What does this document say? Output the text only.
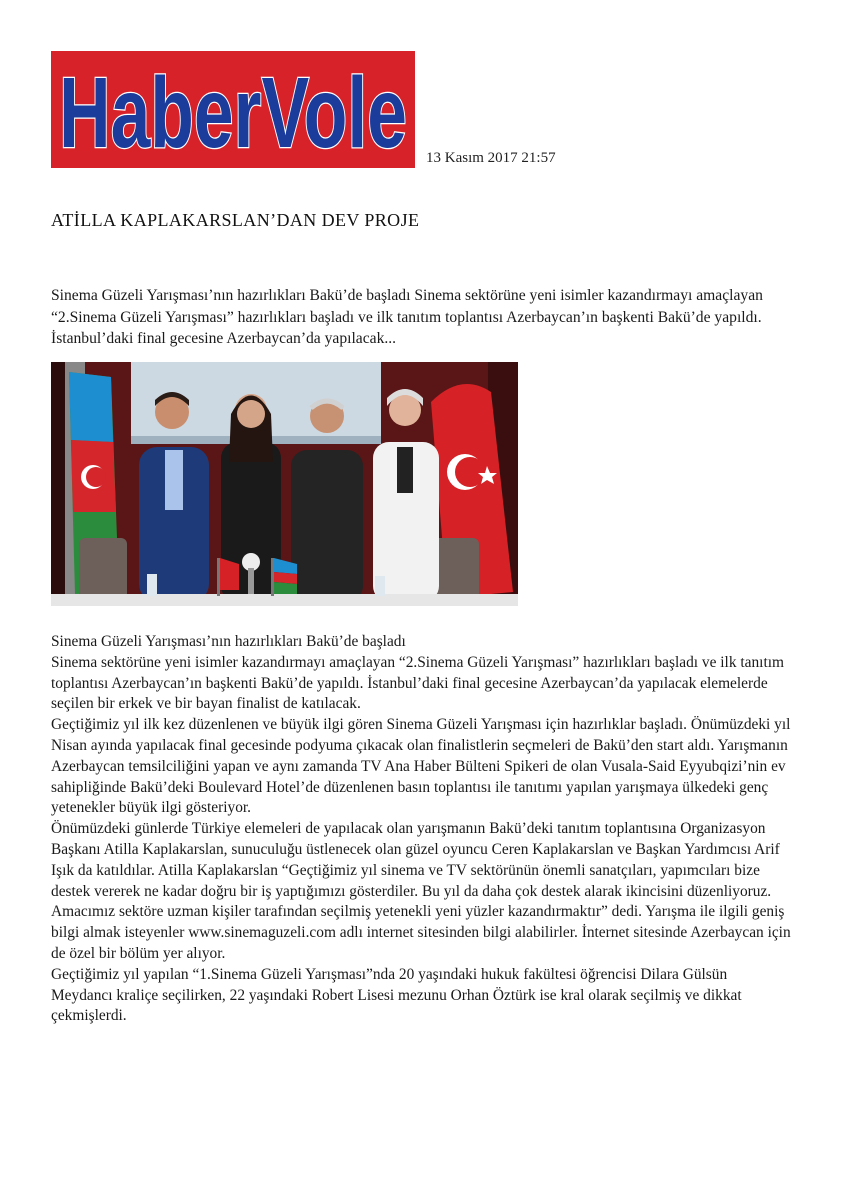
HaberVole 13 Kasım 2017 21:57
ATİLLA KAPLAKARSLAN’DAN DEV PROJE

Sinema Güzeli Yarışması’nın hazırlıkları Bakü’de başladı Sinema sektörüne yeni isimler kazandırmayı amaçlayan “2.Sinema Güzeli Yarışması” hazırlıkları başladı ve ilk tanıtım toplantısı Azerbaycan’ın başkenti Bakü’de yapıldı. İstanbul’daki final gecesine Azerbaycan’da yapılacak...

Sinema Güzeli Yarışması’nın hazırlıkları Bakü’de başladı

Sinema sektörüne yeni isimler kazandırmayı amaçlayan “2.Sinema Güzeli Yarışması” hazırlıkları başladı ve ilk tanıtım toplantısı Azerbaycan’ın başkenti Bakü’de yapıldı. İstanbul’daki final gecesine Azerbaycan’da yapılacak elemelerde seçilen bir erkek ve bir bayan finalist de katılacak.

Geçtiğimiz yıl ilk kez düzenlenen ve büyük ilgi gören Sinema Güzeli Yarışması için hazırlıklar başladı. Önümüzdeki yıl Nisan ayında yapılacak final gecesinde podyuma çıkacak olan finalistlerin seçmeleri de Bakü’den start aldı. Yarışmanın Azerbaycan temsilciliğini yapan ve aynı zamanda TV Ana Haber Bülteni Spikeri de olan Vusala-Said Eyyubqizi’nin ev sahipliğinde Bakü’deki Boulevard Hotel’de düzenlenen basın toplantısı ile tanıtımı yapılan yarışmaya ülkedeki genç yetenekler büyük ilgi gösteriyor.

Önümüzdeki günlerde Türkiye elemeleri de yapılacak olan yarışmanın Bakü’deki tanıtım toplantısına Organizasyon Başkanı Atilla Kaplakarslan, sunuculuğu üstlenecek olan güzel oyuncu Ceren Kaplakarslan ve Başkan Yardımcısı Arif Işık da katıldılar. Atilla Kaplakarslan “Geçtiğimiz yıl sinema ve TV sektörünün önemli sanatçıları, yapımcıları bize destek vererek ne kadar doğru bir iş yaptığımızı gösterdiler. Bu yıl da daha çok destek alarak ikincisini düzenliyoruz. Amacımız sektöre uzman kişiler tarafından seçilmiş yetenekli yeni yüzler kazandırmaktır” dedi. Yarışma ile ilgili geniş bilgi almak isteyenler www.sinemaguzeli.com adlı internet sitesinden bilgi alabilirler. İnternet sitesinde Azerbaycan için de özel bir bölüm yer alıyor.

Geçtiğimiz yıl yapılan “1.Sinema Güzeli Yarışması”nda 20 yaşındaki hukuk fakültesi öğrencisi Dilara Gülsün Meydancı kraliçe seçilirken, 22 yaşındaki Robert Lisesi mezunu Orhan Öztürk ise kral olarak seçilmiş ve dikkat çekmişlerdi.
